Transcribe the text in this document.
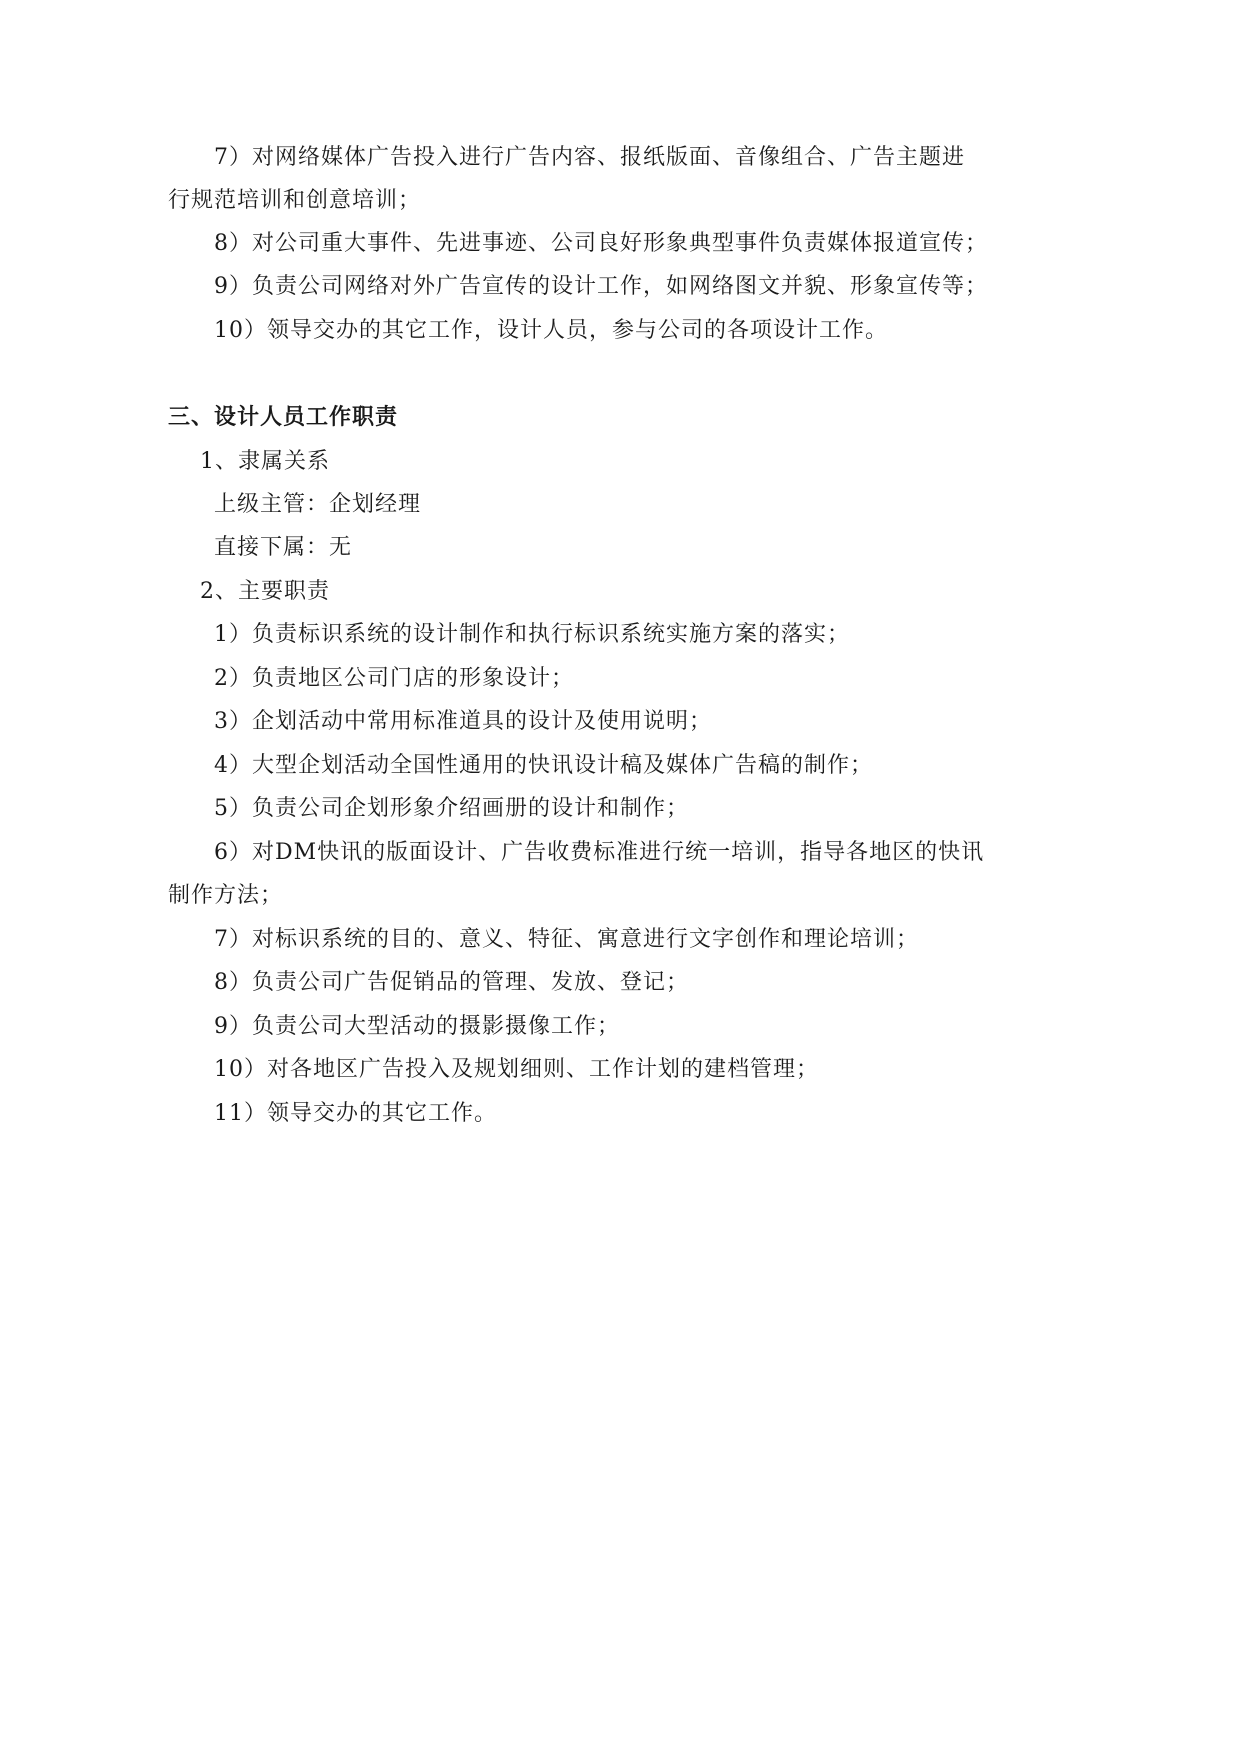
7）对网络媒体广告投入进行广告内容、报纸版面、音像组合、广告主题进
行规范培训和创意培训；
8）对公司重大事件、先进事迹、公司良好形象典型事件负责媒体报道宣传；
9）负责公司网络对外广告宣传的设计工作，如网络图文并貌、形象宣传等；
10）领导交办的其它工作，设计人员，参与公司的各项设计工作。
三、设计人员工作职责
1、隶属关系
上级主管：企划经理
直接下属：无
2、主要职责
1）负责标识系统的设计制作和执行标识系统实施方案的落实；
2）负责地区公司门店的形象设计；
3）企划活动中常用标准道具的设计及使用说明；
4）大型企划活动全国性通用的快讯设计稿及媒体广告稿的制作；
5）负责公司企划形象介绍画册的设计和制作；
6）对DM快讯的版面设计、广告收费标准进行统一培训，指导各地区的快讯
制作方法；
7）对标识系统的目的、意义、特征、寓意进行文字创作和理论培训；
8）负责公司广告促销品的管理、发放、登记；
9）负责公司大型活动的摄影摄像工作；
10）对各地区广告投入及规划细则、工作计划的建档管理；
11）领导交办的其它工作。
